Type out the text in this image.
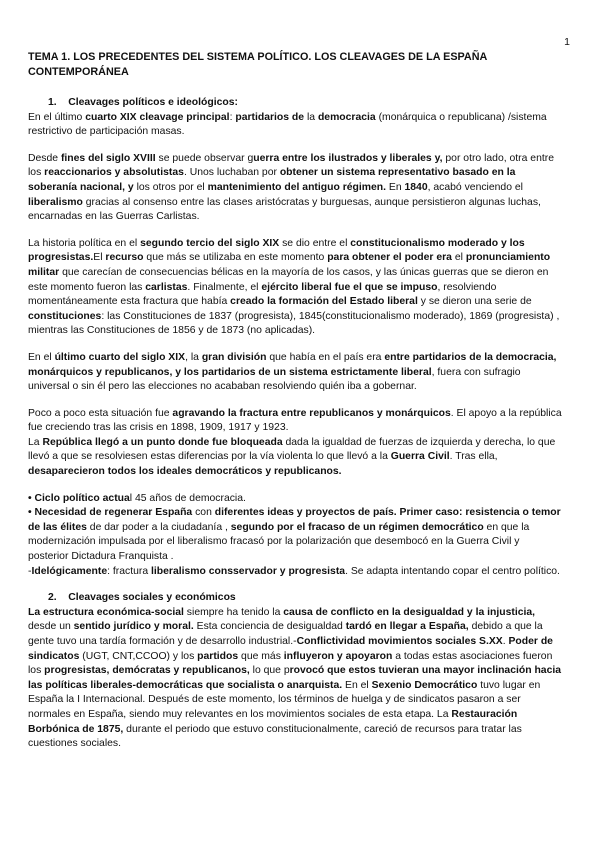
1
TEMA 1. LOS PRECEDENTES DEL SISTEMA POLÍTICO. LOS CLEAVAGES DE LA ESPAÑA CONTEMPORÁNEA
1.    Cleavages políticos e ideológicos:

En el último cuarto XIX cleavage principal: partidarios de la democracia (monárquica o republicana) /sistema restrictivo de participación masas.

Desde fines del siglo XVIII se puede observar guerra entre los ilustrados y liberales y, por otro lado, otra entre los reaccionarios y absolutistas. Unos luchaban por obtener un sistema representativo basado en la soberanía nacional, y los otros por el mantenimiento del antiguo régimen. En 1840, acabó venciendo el liberalismo gracias al consenso entre las clases aristócratas y burguesas, aunque persistieron algunas luchas, encarnadas en las Guerras Carlistas.

La historia política en el segundo tercio del siglo XIX se dio entre el constitucionalismo moderado y los progresistas.El recurso que más se utilizaba en este momento para obtener el poder era el pronunciamiento militar que carecían de consecuencias bélicas en la mayoría de los casos, y las únicas guerras que se dieron en este momento fueron las carlistas. Finalmente, el ejército liberal fue el que se impuso, resolviendo momentáneamente esta fractura que había creado la formación del Estado liberal y se dieron una serie de constituciones: las Constituciones de 1837 (progresista), 1845(constitucionalismo moderado), 1869 (progresista) , mientras las Constituciones de 1856 y de 1873 (no aplicadas).

En el último cuarto del siglo XIX, la gran división que había en el país era entre partidarios de la democracia, monárquicos y republicanos, y los partidarios de un sistema estrictamente liberal, fuera con sufragio universal o sin él pero las elecciones no acababan resolviendo quién iba a gobernar.

Poco a poco esta situación fue agravando la fractura entre republicanos y monárquicos. El apoyo a la república fue creciendo tras las crisis en 1898, 1909, 1917 y 1923.

La República llegó a un punto donde fue bloqueada dada la igualdad de fuerzas de izquierda y derecha, lo que llevó a que se resolviesen estas diferencias por la vía violenta lo que llevó a la Guerra Civil. Tras ella, desaparecieron todos los ideales democráticos y republicanos.

• Ciclo político actual 45 años de democracia.

• Necesidad de regenerar España con diferentes ideas y proyectos de país. Primer caso: resistencia o temor de las élites de dar poder a la ciudadanía , segundo por el fracaso de un régimen democrático en que la modernización impulsada por el liberalismo fracasó por la polarización que desembocó en la Guerra Civil y posterior Dictadura Franquista .

-Idelógicamente: fractura liberalismo consservador y progresista. Se adapta intentando copar el centro político.

2.    Cleavages sociales y económicos

La estructura económica-social siempre ha tenido la causa de conflicto en la desigualdad y la injusticia, desde un sentido jurídico y moral. Esta conciencia de desigualdad tardó en llegar a España, debido a que la gente tuvo una tardía formación y de desarrollo industrial.-Conflictividad movimientos sociales S.XX. Poder de sindicatos (UGT, CNT,CCOO) y los partidos que más influyeron y apoyaron a todas estas asociaciones fueron los progresistas, demócratas y republicanos, lo que provocó que estos tuvieran una mayor inclinación hacia las políticas liberales-democráticas que socialista o anarquista. En el Sexenio Democrático tuvo lugar en España la I Internacional. Después de este momento, los términos de huelga y de sindicatos pasaron a ser normales en España, siendo muy relevantes en los movimientos sociales de esta etapa. La Restauración Borbónica de 1875, durante el periodo que estuvo constitucionalmente, careció de recursos para tratar las cuestiones sociales.
